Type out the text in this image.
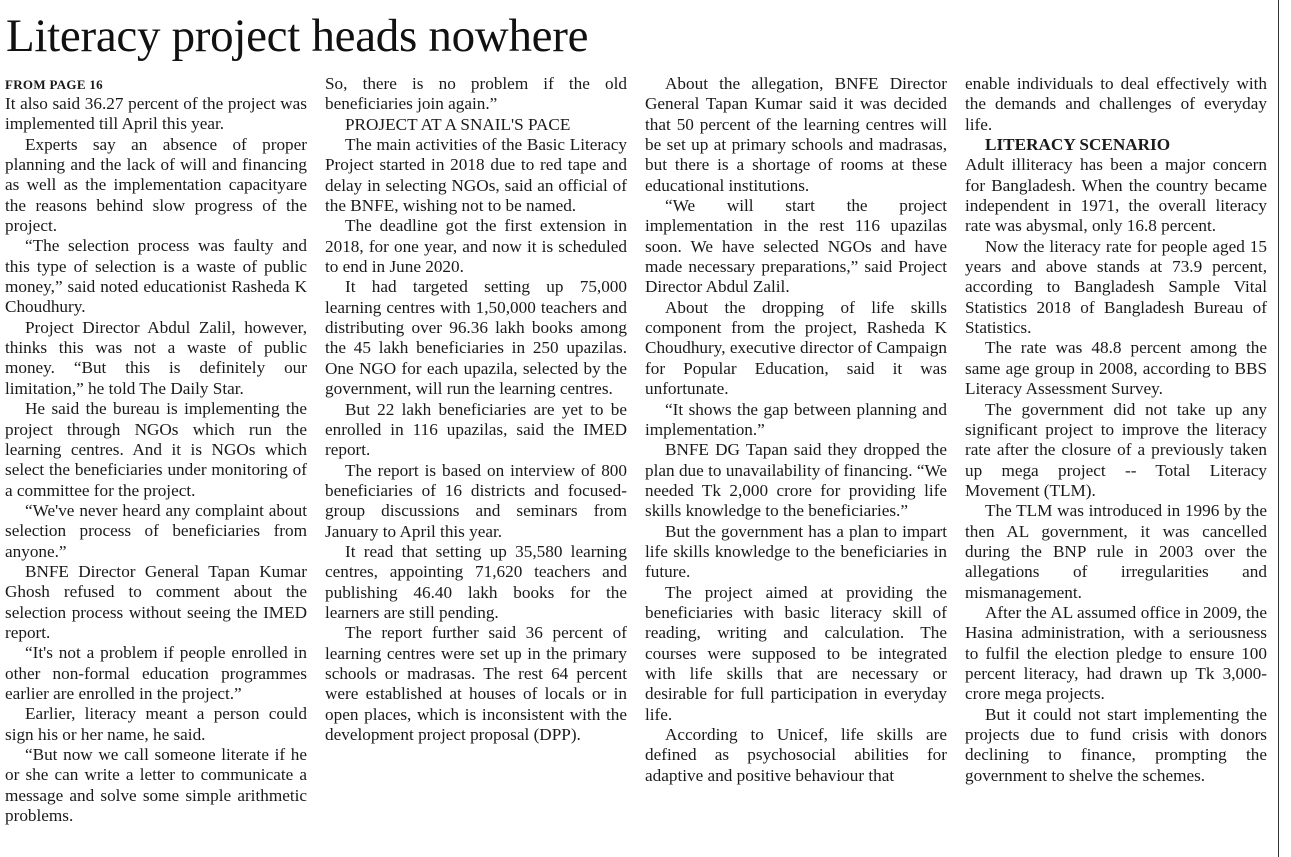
Literacy project heads nowhere
FROM PAGE 16

It also said 36.27 percent of the project was implemented till April this year.

Experts say an absence of proper planning and the lack of will and financing as well as the implementation capacityare the reasons behind slow progress of the project.

“The selection process was faulty and this type of selection is a waste of public money,” said noted educationist Rasheda K Choudhury.

Project Director Abdul Zalil, however, thinks this was not a waste of public money. “But this is definitely our limitation,” he told The Daily Star.

He said the bureau is implementing the project through NGOs which run the learning centres. And it is NGOs which select the beneficiaries under monitoring of a committee for the project.

“We've never heard any complaint about selection process of beneficiaries from anyone.”

BNFE Director General Tapan Kumar Ghosh refused to comment about the selection process without seeing the IMED report.

“It's not a problem if people enrolled in other non-formal education programmes earlier are enrolled in the project.”

Earlier, literacy meant a person could sign his or her name, he said.

“But now we call someone literate if he or she can write a letter to communicate a message and solve some simple arithmetic problems.

So, there is no problem if the old beneficiaries join again.”

PROJECT AT A SNAIL'S PACE

The main activities of the Basic Literacy Project started in 2018 due to red tape and delay in selecting NGOs, said an official of the BNFE, wishing not to be named.

The deadline got the first extension in 2018, for one year, and now it is scheduled to end in June 2020.

It had targeted setting up 75,000 learning centres with 1,50,000 teachers and distributing over 96.36 lakh books among the 45 lakh beneficiaries in 250 upazilas. One NGO for each upazila, selected by the government, will run the learning centres.

But 22 lakh beneficiaries are yet to be enrolled in 116 upazilas, said the IMED report.

The report is based on interview of 800 beneficiaries of 16 districts and focused-group discussions and seminars from January to April this year.

It read that setting up 35,580 learning centres, appointing 71,620 teachers and publishing 46.40 lakh books for the learners are still pending.

The report further said 36 percent of learning centres were set up in the primary schools or madrasas. The rest 64 percent were established at houses of locals or in open places, which is inconsistent with the development project proposal (DPP).

About the allegation, BNFE Director General Tapan Kumar said it was decided that 50 percent of the learning centres will be set up at primary schools and madrasas, but there is a shortage of rooms at these educational institutions.

“We will start the project implementation in the rest 116 upazilas soon. We have selected NGOs and have made necessary preparations,” said Project Director Abdul Zalil.

About the dropping of life skills component from the project, Rasheda K Choudhury, executive director of Campaign for Popular Education, said it was unfortunate.

“It shows the gap between planning and implementation.”

BNFE DG Tapan said they dropped the plan due to unavailability of financing. “We needed Tk 2,000 crore for providing life skills knowledge to the beneficiaries.”

But the government has a plan to impart life skills knowledge to the beneficiaries in future.

The project aimed at providing the beneficiaries with basic literacy skill of reading, writing and calculation. The courses were supposed to be integrated with life skills that are necessary or desirable for full participation in everyday life.

According to Unicef, life skills are defined as psychosocial abilities for adaptive and positive behaviour that

enable individuals to deal effectively with the demands and challenges of everyday life.

LITERACY SCENARIO

Adult illiteracy has been a major concern for Bangladesh. When the country became independent in 1971, the overall literacy rate was abysmal, only 16.8 percent.

Now the literacy rate for people aged 15 years and above stands at 73.9 percent, according to Bangladesh Sample Vital Statistics 2018 of Bangladesh Bureau of Statistics.

The rate was 48.8 percent among the same age group in 2008, according to BBS Literacy Assessment Survey.

The government did not take up any significant project to improve the literacy rate after the closure of a previously taken up mega project -- Total Literacy Movement (TLM).

The TLM was introduced in 1996 by the then AL government, it was cancelled during the BNP rule in 2003 over the allegations of irregularities and mismanagement.

After the AL assumed office in 2009, the Hasina administration, with a seriousness to fulfil the election pledge to ensure 100 percent literacy, had drawn up Tk 3,000-crore mega projects.

But it could not start implementing the projects due to fund crisis with donors declining to finance, prompting the government to shelve the schemes.
